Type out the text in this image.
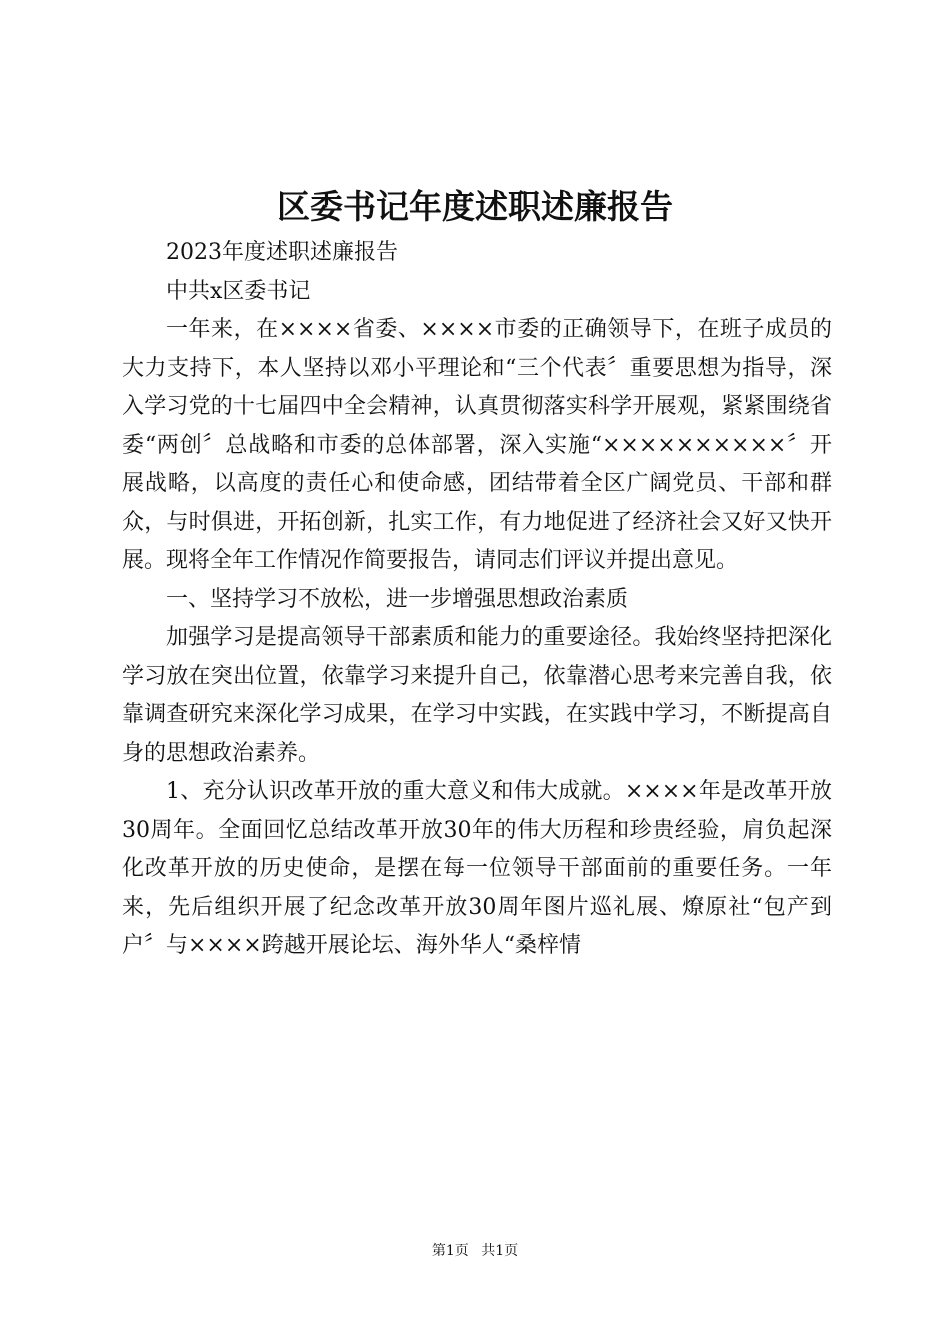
区委书记年度述职述廉报告

2023年度述职述廉报告

中共x区委书记

一年来，在××××省委、××××市委的正确领导下，在班子成员的大力支持下，本人坚持以邓小平理论和“三个代表〞重要思想为指导，深入学习党的十七届四中全会精神，认真贯彻落实科学开展观，紧紧围绕省委“两创〞总战略和市委的总体部署，深入实施“××××××××××〞开展战略，以高度的责任心和使命感，团结带着全区广阔党员、干部和群众，与时俱进，开拓创新，扎实工作，有力地促进了经济社会又好又快开展。现将全年工作情况作简要报告，请同志们评议并提出意见。

一、坚持学习不放松，进一步增强思想政治素质

加强学习是提高领导干部素质和能力的重要途径。我始终坚持把深化学习放在突出位置，依靠学习来提升自己，依靠潜心思考来完善自我，依靠调查研究来深化学习成果，在学习中实践，在实践中学习，不断提高自身的思想政治素养。

1、充分认识改革开放的重大意义和伟大成就。××××年是改革开放30周年。全面回忆总结改革开放30年的伟大历程和珍贵经验，肩负起深化改革开放的历史使命，是摆在每一位领导干部面前的重要任务。一年来，先后组织开展了纪念改革开放30周年图片巡礼展、燎原社“包产到户〞与××××跨越开展论坛、海外华人“桑梓情

第1页 共1页
